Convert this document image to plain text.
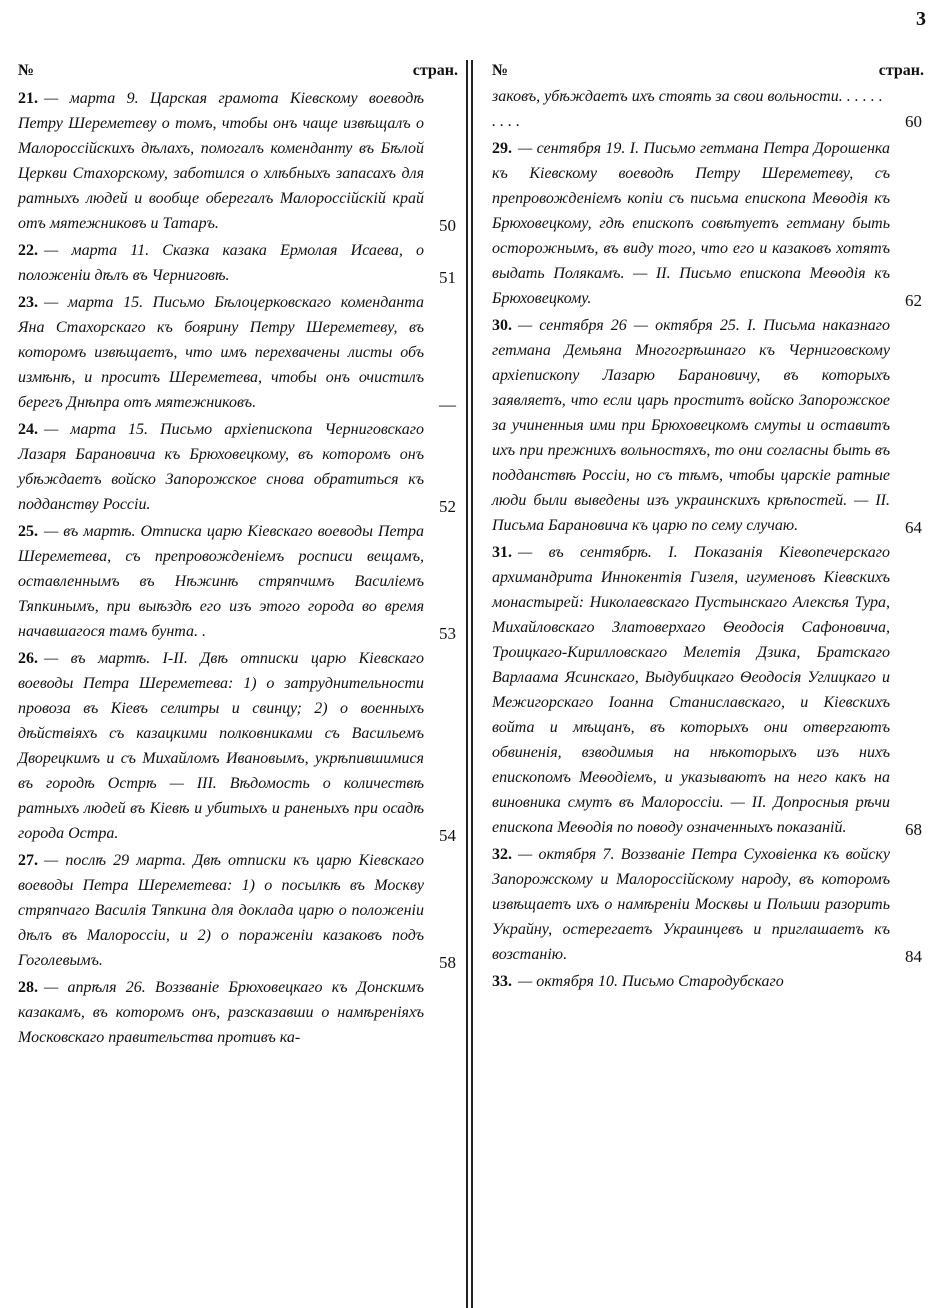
3
№	стран.
21. — марта 9. Царская грамота Кіевскому воеводѣ Петру Шереметеву о томъ, чтобы онъ чаще извѣщалъ о Малороссійскихъ дѣлахъ, помогалъ коменданту въ Бѣлой Церкви Стахорскому, заботился о хлѣбныхъ запасахъ для ратныхъ людей и вообще оберегалъ Малороссійскій край отъ мятежниковъ и Татаръ.	50
22. — марта 11. Сказка казака Ермолая Исаева, о положеніи дѣлъ въ Черниговѣ.	51
23. — марта 15. Письмо Бѣлоцерковскаго коменданта Яна Стахорскаго къ боярину Петру Шереметеву, въ которомъ извѣщаетъ, что имъ перехвачены листы объ измѣнѣ, и проситъ Шереметева, чтобы онъ очистилъ берегъ Днѣпра отъ мятежниковъ.	—
24. — марта 15. Письмо архіепископа Черниговскаго Лазаря Барановича къ Брюховецкому, въ которомъ онъ убѣждаетъ войско Запорожское снова обратиться къ подданству Россіи.	52
25. — въ мартѣ. Отписка царю Кіевскаго воеводы Петра Шереметева, съ препровожденіемъ росписи вещамъ, оставленнымъ въ Нѣжинѣ стряпчимъ Василіемъ Тяпкинымъ, при выѣздѣ его изъ этого города во время начавшагося тамъ бунта. .	53
26. — въ мартѣ. I-II. Двѣ отписки царю Кіевскаго воеводы Петра Шереметева: 1) о затруднительности провоза въ Кіевъ селитры и свинцу; 2) о военныхъ дѣйствіяхъ съ казацкими полковниками съ Васильемъ Дворецкимъ и съ Михайломъ Ивановымъ, укрѣпившимися въ городѣ Острѣ — III. Вѣдомость о количествѣ ратныхъ людей въ Кіевѣ и убитыхъ и раненыхъ при осадѣ города Остра.	54
27. — послѣ 29 марта. Двѣ отписки къ царю Кіевскаго воеводы Петра Шереметева: 1) о посылкѣ въ Москву стряпчаго Василія Тяпкина для доклада царю о положеніи дѣлъ въ Малороссіи, и 2) о пораженіи казаковъ подъ Гоголевымъ.	58
28. — апрѣля 26. Воззваніе Брюховецкаго къ Донскимъ казакамъ, въ которомъ онъ, разсказавши о намѣреніяхъ Московскаго правительства противъ ка-
№	стран.
заковъ, убѣждаетъ ихъ стоять за свои вольности. . . . . . . . . .	60
29. — сентября 19. I. Письмо гетмана Петра Дорошенка къ Кіевскому воеводѣ Петру Шереметеву, съ препровожденіемъ копіи съ письма епископа Меѳодія къ Брюховецкому, гдѣ епископъ совѣтуетъ гетману быть осторожнымъ, въ виду того, что его и казаковъ хотятъ выдать Полякамъ. — II. Письмо епископа Меѳодія къ Брюховецкому.	62
30. — сентября 26 — октября 25. I. Письма наказнаго гетмана Демьяна Многогрѣшнаго къ Черниговскому архіепископу Лазарю Барановичу, въ которыхъ заявляетъ, что если царь проститъ войско Запорожское за учиненныя ими при Брюховецкомъ смуты и оставитъ ихъ при прежнихъ вольностяхъ, то они согласны быть въ подданствѣ Россіи, но съ тѣмъ, чтобы царскіе ратные люди были выведены изъ украинскихъ крѣпостей. — II. Письма Барановича къ царю по сему случаю.	64
31. — въ сентябрѣ. I. Показанія Кіевопечерскаго архимандрита Иннокентія Гизеля, игуменовъ Кіевскихъ монастырей: Николаевскаго Пустынскаго Алексѣя Тура, Михайловскаго Златоверхаго Ѳеодосія Сафоновича, Троицкаго-Кирилловскаго Мелетія Дзика, Братскаго Варлаама Ясинскаго, Выдубицкаго Ѳеодосія Углицкаго и Межигорскаго Іоанна Станиславскаго, и Кіевскихъ войта и мѣщанъ, въ которыхъ они отвергаютъ обвиненія, взводимыя на нѣкоторыхъ изъ нихъ епископомъ Меѳодіемъ, и указываютъ на него какъ на виновника смутъ въ Малороссіи. — II. Допросныя рѣчи епископа Меѳодія по поводу означенныхъ показаній.	68
32. — октября 7. Воззваніе Петра Суховіенка къ войску Запорожскому и Малороссійскому народу, въ которомъ извѣщаетъ ихъ о намѣреніи Москвы и Польши разорить Украйну, остерегаетъ Украинцевъ и приглашаетъ къ возстанію.	84
33. — октября 10. Письмо Стародубскаго
